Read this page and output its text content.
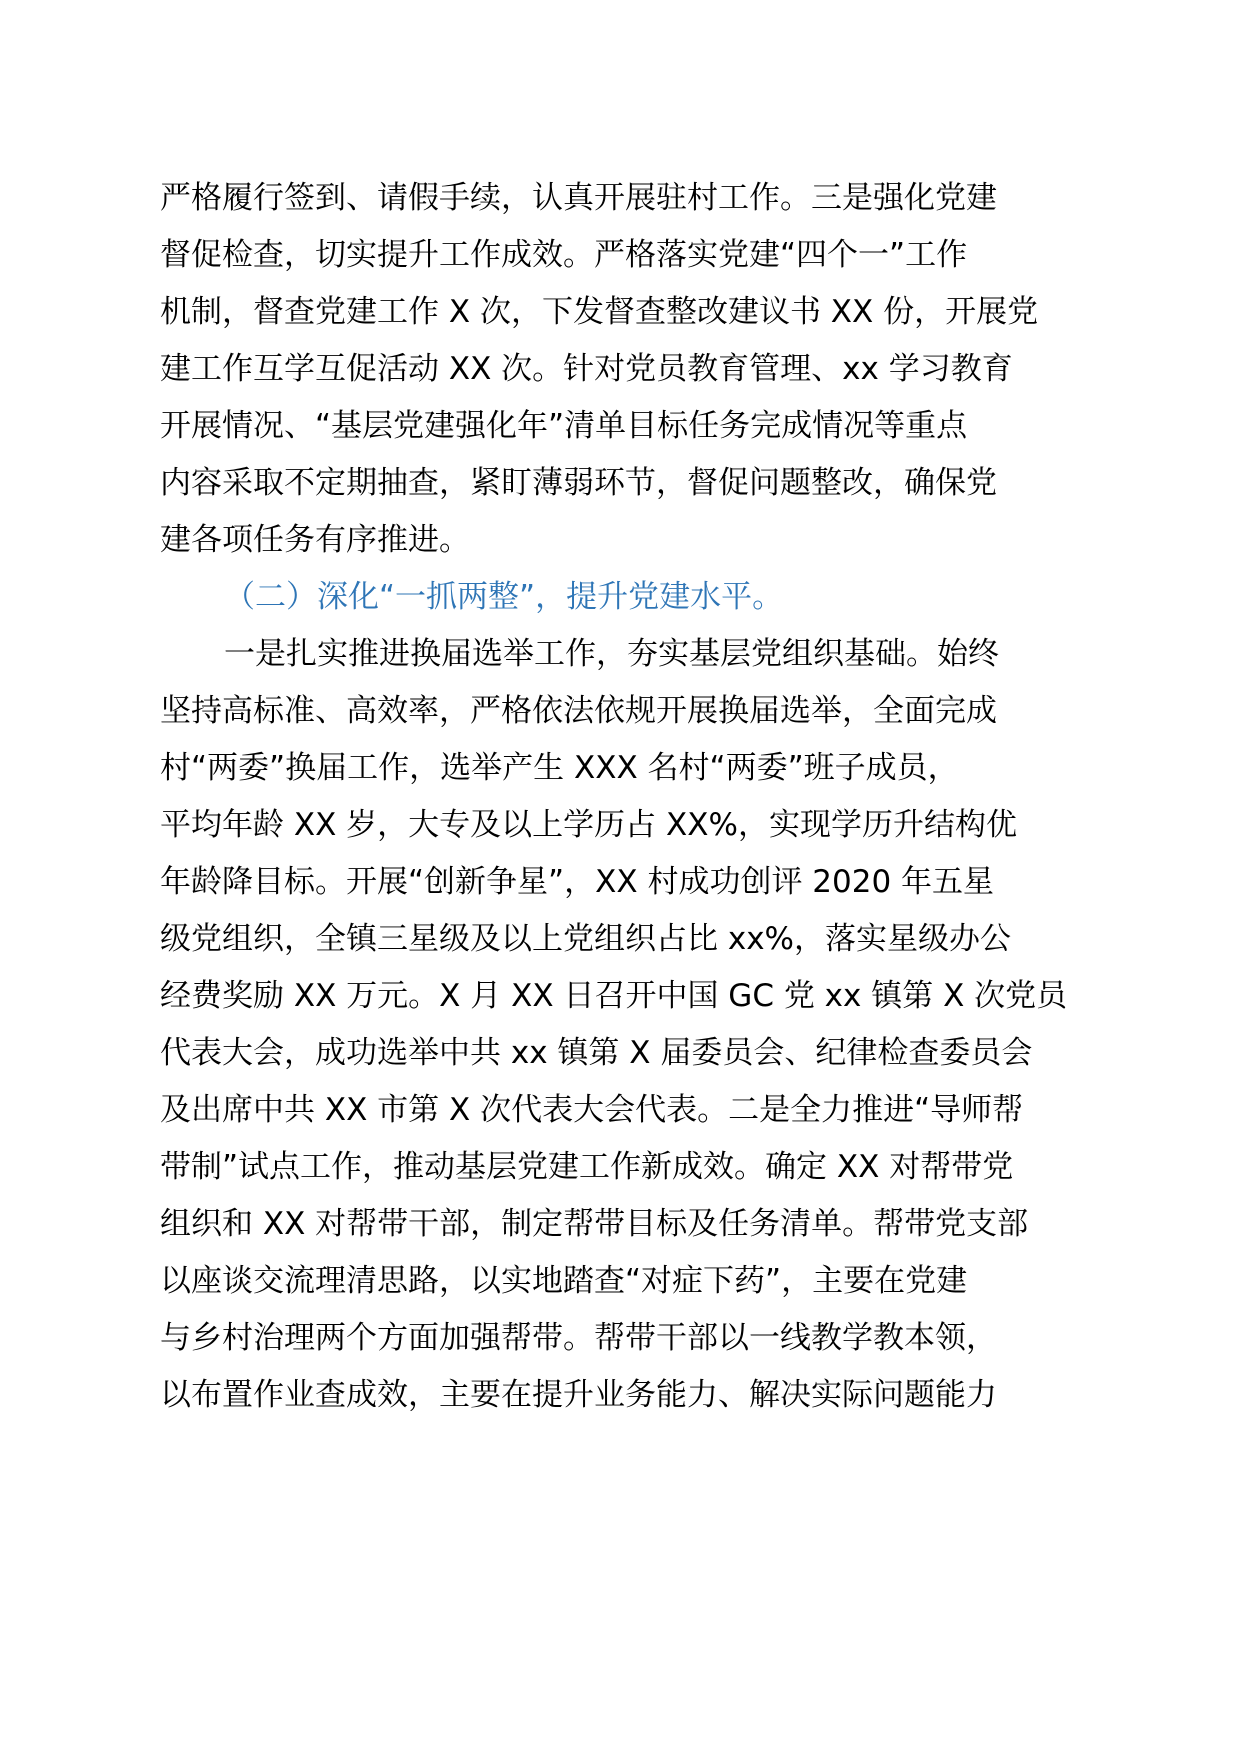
严格履行签到、请假手续，认真开展驻村工作。三是强化党建
督促检查，切实提升工作成效。严格落实党建“四个一”工作
机制，督查党建工作 X 次，下发督查整改建议书 XX 份，开展党
建工作互学互促活动 XX 次。针对党员教育管理、xx 学习教育
开展情况、“基层党建强化年”清单目标任务完成情况等重点
内容采取不定期抽查，紧盯薄弱环节，督促问题整改，确保党
建各项任务有序推进。
（二）深化“一抓两整”，提升党建水平。
一是扎实推进换届选举工作，夯实基层党组织基础。始终
坚持高标准、高效率，严格依法依规开展换届选举，全面完成
村“两委”换届工作，选举产生 XXX 名村“两委”班子成员，
平均年龄 XX 岁，大专及以上学历占 XX%，实现学历升结构优
年龄降目标。开展“创新争星”，XX 村成功创评 2020 年五星
级党组织，全镇三星级及以上党组织占比 xx%，落实星级办公
经费奖励 XX 万元。X 月 XX 日召开中国 GC 党 xx 镇第 X 次党员
代表大会，成功选举中共 xx 镇第 X 届委员会、纪律检查委员会
及出席中共 XX 市第 X 次代表大会代表。二是全力推进“导师帮
带制”试点工作，推动基层党建工作新成效。确定 XX 对帮带党
组织和 XX 对帮带干部，制定帮带目标及任务清单。帮带党支部
以座谈交流理清思路，以实地踏查“对症下药”，主要在党建
与乡村治理两个方面加强帮带。帮带干部以一线教学教本领，
以布置作业查成效，主要在提升业务能力、解决实际问题能力
